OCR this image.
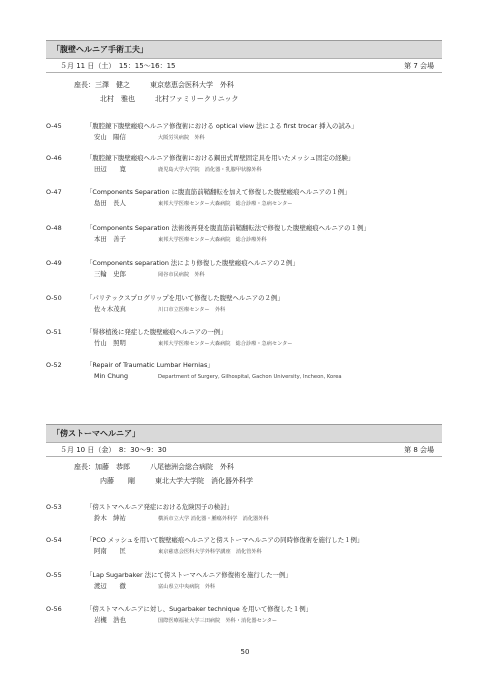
「腹壁ヘルニア手術工夫」
５月 11 日（土）　15：15〜16：15	第 7 会場
座長：三澤　健之	東京慈恵会医科大学　外科
北村　雅也	北村ファミリークリニック
O-45	「腹腔鏡下腹壁瘢痕ヘルニア修復術における optical view 法による first trocar 挿入の試み」
安山　陽信	大阪労災病院　外科
O-46	「腹腔鏡下腹壁瘢痕ヘルニア修復術における鋼田式胃壁固定具を用いたメッシュ固定の経験」
田辺　　寛	鹿児島大学大学院　消化器・乳腺甲状腺外科
O-47	「Components Separation に腹直筋前鞘翻転を加えて修復した腹壁瘢痕ヘルニアの１例」
島田　長人	東邦大学医療センター大森病院　総合診療・急病センター
O-48	「Components Separation 法術後再発を腹直筋前鞘翻転法で修復した腹壁瘢痕ヘルニアの１例」
本田　善子	東邦大学医療センター大森病院　総合診療外科
O-49	「Components separation 法により修復した腹壁瘢痕ヘルニアの２例」
三輪　史郎	岡谷市民病院　外科
O-50	「パリテックスプログリップを用いて修復した腹壁ヘルニアの２例」
佐々木茂真	川口市立医療センター　外科
O-51	「腎移植後に発症した腹壁瘢痕ヘルニアの一例」
竹山　照明	東邦大学医療センター大森病院　総合診療・急病センター
O-52	「Repair of Traumatic Lumbar Hernias」
Min Chung	Department of Surgery, Gilhospital, Gachon University, Incheon, Korea
「傍ストーマヘルニア」
５月 10 日（金）　8：30〜9：30	第 8 会場
座長：加藤　恭郎	八尾徳洲会総合病院　外科
内藤　　剛	東北大学大学院　消化器外科学
O-53	「傍ストマヘルニア発症における危険因子の検討」
鈴木　紳祐	横浜市立大学 消化器・腫瘍外科学　消化器外科
O-54	「PCO メッシュを用いて腹壁瘢痕ヘルニアと傍ストーマヘルニアの同時修復術を施行した１例」
阿南　　匡	東京慈恵会医科大学外科学講座　消化管外科
O-55	「Lap Sugarbaker 法にて傍ストーマヘルニア修復術を施行した一例」
渡辺　　徹	富山県立中央病院　外科
O-56	「傍ストマヘルニアに対し、Sugarbaker technique を用いて修復した１例」
岩槻　浩也	国際医療福祉大学三田病院　外科・消化器センター
50
